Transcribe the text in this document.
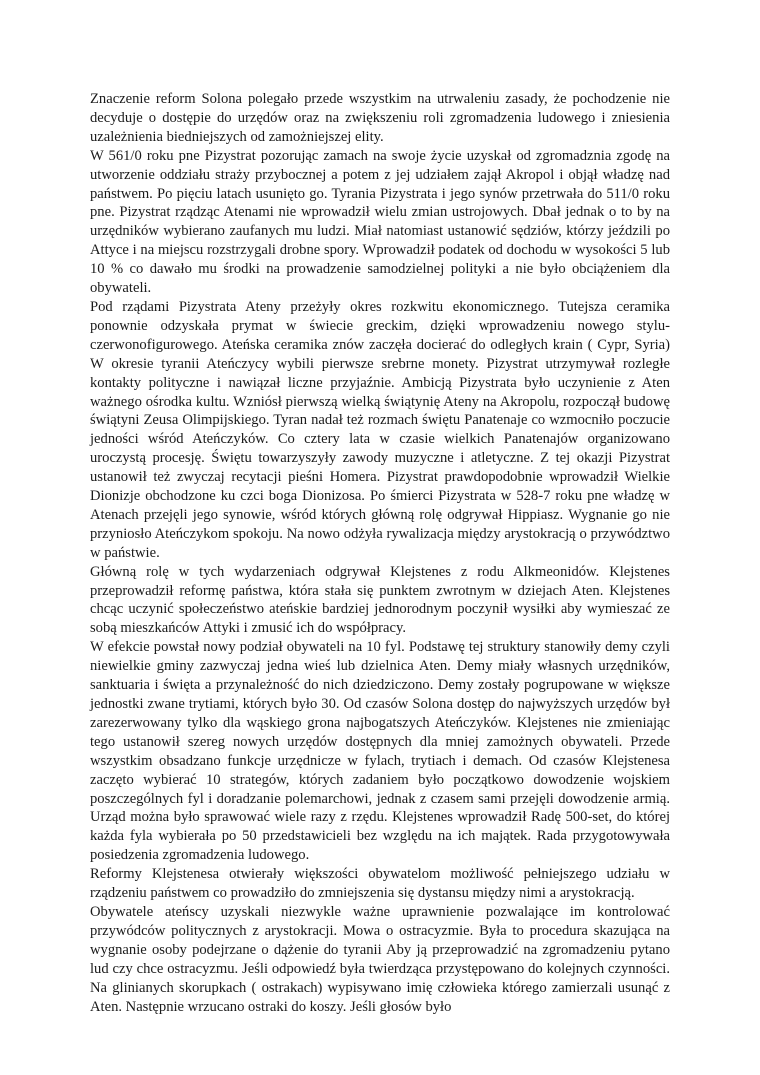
Znaczenie reform Solona polegało przede wszystkim na utrwaleniu zasady, że pochodzenie nie decyduje o dostępie do urzędów oraz na zwiększeniu roli zgromadzenia ludowego i zniesienia uzależnienia biedniejszych od zamożniejszej elity.

W 561/0 roku pne Pizystrat pozorując zamach na swoje życie uzyskał od zgromadznia zgodę na utworzenie oddziału straży przybocznej a potem z jej udziałem zajął Akropol i objął władzę nad państwem. Po pięciu latach usunięto go. Tyrania Pizystrata i jego synów przetrwała do 511/0 roku pne. Pizystrat rządząc Atenami nie wprowadził wielu zmian ustrojowych. Dbał jednak o to by na urzędników wybierano zaufanych mu ludzi. Miał natomiast ustanowić sędziów, którzy jeździli po Attyce i na miejscu rozstrzygali drobne spory. Wprowadził podatek od dochodu w wysokości 5 lub 10 % co dawało mu środki na prowadzenie samodzielnej polityki a nie było obciążeniem dla obywateli.

Pod rządami Pizystrata Ateny przeżyły okres rozkwitu ekonomicznego. Tutejsza ceramika ponownie odzyskała prymat w świecie greckim, dzięki wprowadzeniu nowego stylu-czerwonofigurowego. Ateńska ceramika znów zaczęła docierać do odległych krain ( Cypr, Syria) W okresie tyranii Ateńczycy wybili pierwsze srebrne monety. Pizystrat utrzymywał rozległe kontakty polityczne i nawiązał liczne przyjaźnie. Ambicją Pizystrata było uczynienie z Aten ważnego ośrodka kultu. Wzniósł pierwszą wielką świątynię Ateny na Akropolu, rozpoczął budowę świątyni Zeusa Olimpijskiego. Tyran nadał też rozmach świętu Panatenaje co wzmocniło poczucie jedności wśród Ateńczyków. Co cztery lata w czasie wielkich Panatenajów organizowano uroczystą procesję. Świętu towarzyszyły zawody muzyczne i atletyczne. Z tej okazji Pizystrat ustanowił też zwyczaj recytacji pieśni Homera. Pizystrat prawdopodobnie wprowadził Wielkie Dionizje obchodzone ku czci boga Dionizosa. Po śmierci Pizystrata w 528-7 roku pne władzę w Atenach przejęli jego synowie, wśród których główną rolę odgrywał Hippiasz. Wygnanie go nie przyniosło Ateńczykom spokoju. Na nowo odżyła rywalizacja między arystokracją o przywództwo w państwie.

Główną rolę w tych wydarzeniach odgrywał Klejstenes z rodu Alkmeonidów. Klejstenes przeprowadził reformę państwa, która stała się punktem zwrotnym w dziejach Aten. Klejstenes chcąc uczynić społeczeństwo ateńskie bardziej jednorodnym poczynił wysiłki aby wymieszać ze sobą mieszkańców Attyki i zmusić ich do współpracy.

W efekcie powstał nowy podział obywateli na 10 fyl. Podstawę tej struktury stanowiły demy czyli niewielkie gminy zazwyczaj jedna wieś lub dzielnica Aten. Demy miały własnych urzędników, sanktuaria i święta a przynależność do nich dziedziczono. Demy zostały pogrupowane w większe jednostki zwane trytiami, których było 30. Od czasów Solona dostęp do najwyższych urzędów był zarezerwowany tylko dla wąskiego grona najbogatszych Ateńczyków. Klejstenes nie zmieniając tego ustanowił szereg nowych urzędów dostępnych dla mniej zamożnych obywateli. Przede wszystkim obsadzano funkcje urzędnicze w fylach, trytiach i demach. Od czasów Klejstenesa zaczęto wybierać 10 strategów, których zadaniem było początkowo dowodzenie wojskiem poszczególnych fyl i doradzanie polemarchowi, jednak z czasem sami przejęli dowodzenie armią. Urząd można było sprawować wiele razy z rzędu. Klejstenes wprowadził Radę 500-set, do której każda fyla wybierała po 50 przedstawicieli bez względu na ich majątek. Rada przygotowywała posiedzenia zgromadzenia ludowego.

Reformy Klejstenesa otwierały większości obywatelom możliwość pełniejszego udziału w rządzeniu państwem co prowadziło do zmniejszenia się dystansu między nimi a arystokracją.

Obywatele ateńscy uzyskali niezwykle ważne uprawnienie pozwalające im kontrolować przywódców politycznych z arystokracji. Mowa o ostracyzmie. Była to procedura skazująca na wygnanie osoby podejrzane o dążenie do tyranii Aby ją przeprowadzić na zgromadzeniu pytano lud czy chce ostracyzmu. Jeśli odpowiedź była twierdząca przystępowano do kolejnych czynności. Na glinianych skorupkach ( ostrakach) wypisywano imię człowieka którego zamierzali usunąć z Aten. Następnie wrzucano ostraki do koszy. Jeśli głosów było
